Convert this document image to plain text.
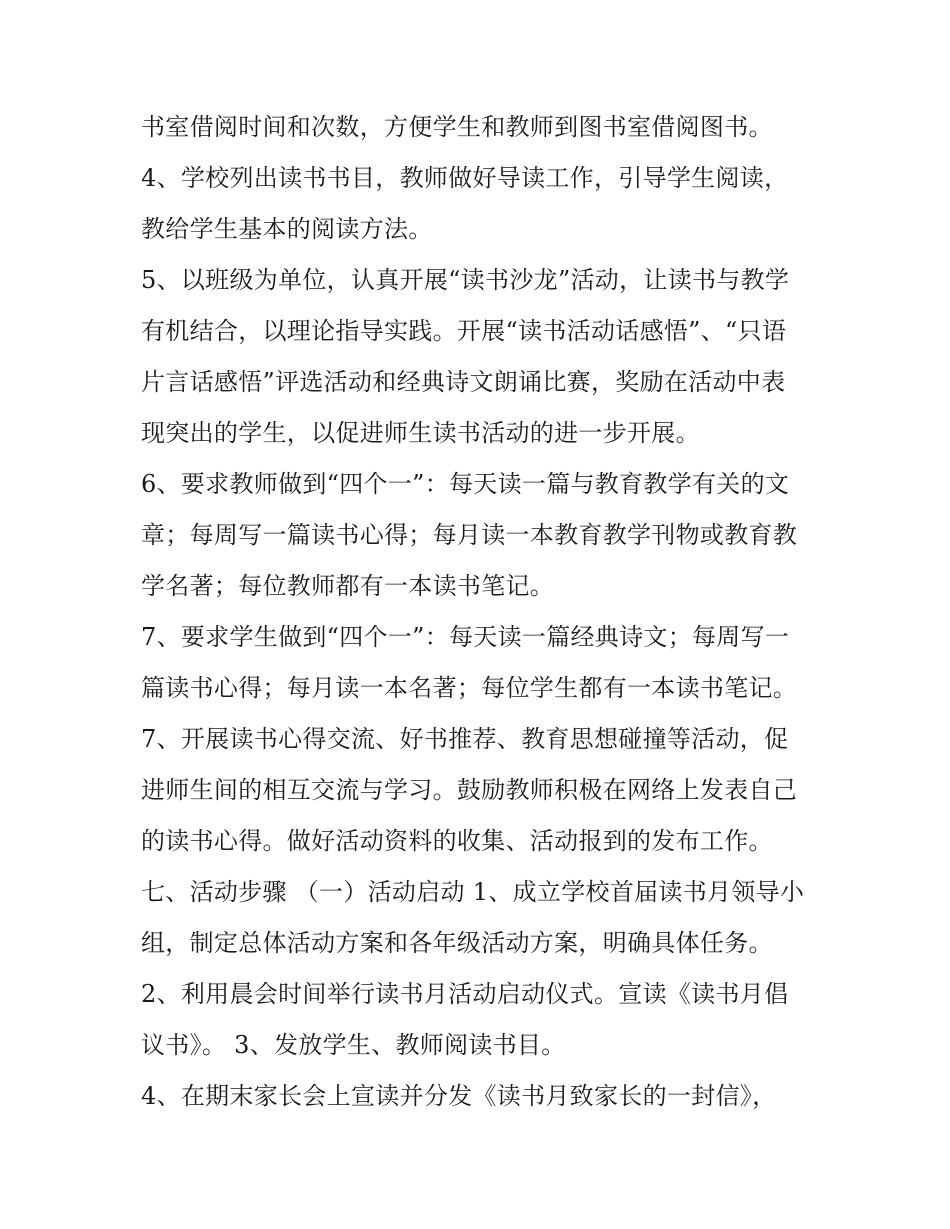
书室借阅时间和次数，方便学生和教师到图书室借阅图书。
4、学校列出读书书目，教师做好导读工作，引导学生阅读，
教给学生基本的阅读方法。
5、以班级为单位，认真开展“读书沙龙”活动，让读书与教学
有机结合，以理论指导实践。开展“读书活动话感悟”、“只语
片言话感悟”评选活动和经典诗文朗诵比赛，奖励在活动中表
现突出的学生，以促进师生读书活动的进一步开展。
6、要求教师做到“四个一”：每天读一篇与教育教学有关的文
章；每周写一篇读书心得；每月读一本教育教学刊物或教育教
学名著；每位教师都有一本读书笔记。
7、要求学生做到“四个一”：每天读一篇经典诗文；每周写一
篇读书心得；每月读一本名著；每位学生都有一本读书笔记。
7、开展读书心得交流、好书推荐、教育思想碰撞等活动，促
进师生间的相互交流与学习。鼓励教师积极在网络上发表自己
的读书心得。做好活动资料的收集、活动报到的发布工作。
七、活动步骤 （一）活动启动 1、成立学校首届读书月领导小
组，制定总体活动方案和各年级活动方案，明确具体任务。
2、利用晨会时间举行读书月活动启动仪式。宣读《读书月倡
议书》。 3、发放学生、教师阅读书目。
4、在期末家长会上宣读并分发《读书月致家长的一封信》，
